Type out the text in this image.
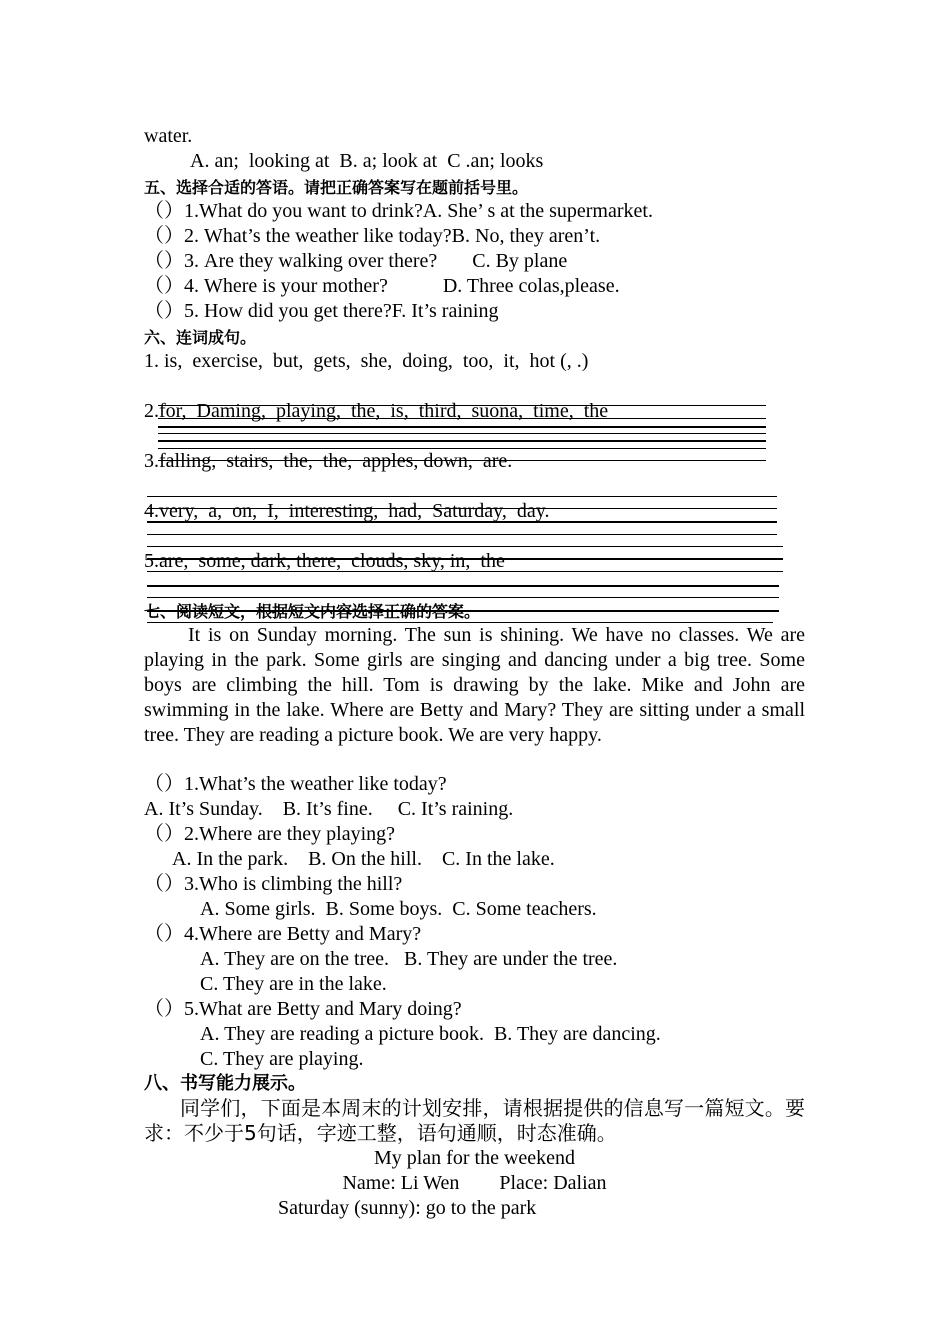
water.
A. an;  looking at  B. a; look at  C .an; looks
五、选择合适的答语。请把正确答案写在题前括号里。
（）1.What do you want to drink?A. She’ s at the supermarket.
（）2. What’s the weather like today?B. No, they aren’t.
（）3. Are they walking over there?       C. By plane
（）4. Where is your mother?           D. Three colas,please.
（）5. How did you get there?F. It’s raining
六、连词成句。
1. is,  exercise,  but,  gets,  she,  doing,  too,  it,  hot (, .)
2.for,  Daming,  playing,  the,  is,  third,  suona,  time,  the
3.falling,  stairs,  the,  the,  apples, down,  are.
4.very,  a,  on,  I,  interesting,  had,  Saturday,  day.
5.are,  some, dark, there,  clouds, sky, in,  the
七、阅读短文，根据短文内容选择正确的答案。
It is on Sunday morning. The sun is shining. We have no classes. We are playing in the park. Some girls are singing and dancing under a big tree. Some boys are climbing the hill. Tom is drawing by the lake. Mike and John are swimming in the lake. Where are Betty and Mary? They are sitting under a small tree. They are reading a picture book. We are very happy.
（）1.What’s the weather like today?
A. It’s Sunday.    B. It’s fine.     C. It’s raining.
（）2.Where are they playing?
A. In the park.    B. On the hill.    C. In the lake.
（）3.Who is climbing the hill?
A. Some girls.  B. Some boys.  C. Some teachers.
（）4.Where are Betty and Mary?
A. They are on the tree.   B. They are under the tree.
C. They are in the lake.
（）5.What are Betty and Mary doing?
A. They are reading a picture book.  B. They are dancing.
C. They are playing.
八、书写能力展示。
同学们，下面是本周末的计划安排，请根据提供的信息写一篇短文。要求：不少于5句话，字迹工整，语句通顺，时态准确。
My plan for the weekend
Name: Li Wen        Place: Dalian
Saturday (sunny): go to the park
